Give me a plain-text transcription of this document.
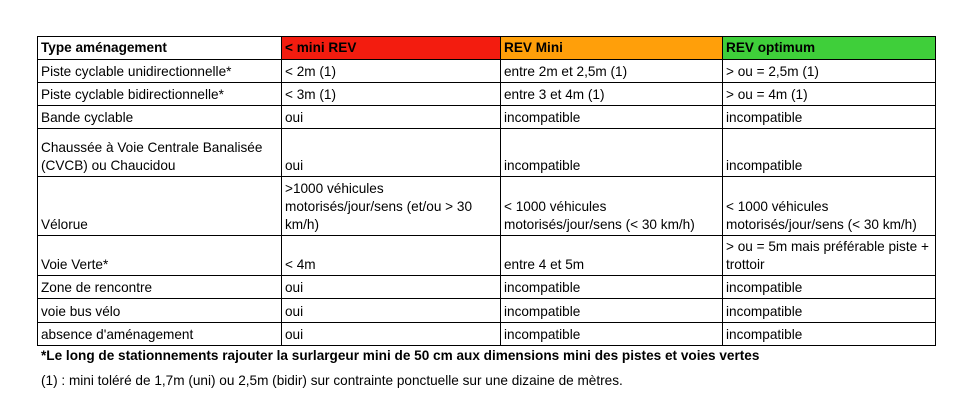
Type aménagement	< mini REV	REV Mini	REV optimum
Piste cyclable unidirectionnelle*	< 2m (1)	entre 2m et 2,5m (1)	> ou = 2,5m (1)
Piste cyclable bidirectionnelle*	< 3m (1)	entre 3 et 4m (1)	> ou = 4m (1)
Bande cyclable	oui	incompatible	incompatible
Chaussée à Voie Centrale Banalisée (CVCB) ou Chaucidou	oui	incompatible	incompatible
Vélorue	>1000 véhicules motorisés/jour/sens (et/ou > 30 km/h)	< 1000 véhicules motorisés/jour/sens (< 30 km/h)	< 1000 véhicules motorisés/jour/sens (< 30 km/h)
Voie Verte*	< 4m	entre 4 et 5m	> ou = 5m mais préférable piste + trottoir
Zone de rencontre	oui	incompatible	incompatible
voie bus vélo	oui	incompatible	incompatible
absence d'aménagement	oui	incompatible	incompatible
*Le long de stationnements rajouter la surlargeur mini de 50 cm aux dimensions mini des pistes et voies vertes
(1) : mini toléré de 1,7m (uni) ou 2,5m (bidir) sur contrainte ponctuelle sur une dizaine de mètres.
